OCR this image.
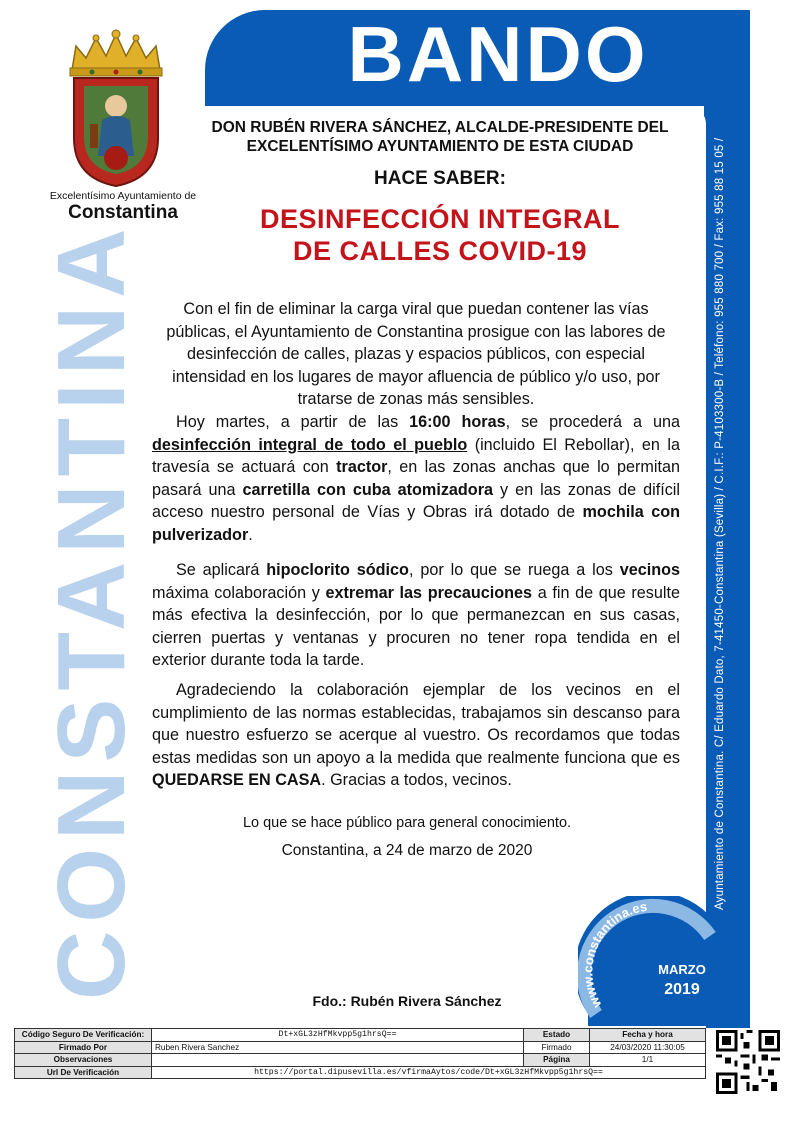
BANDO
Ayuntamiento de Constantina. C/ Eduardo Dato, 7-41450-Constantina (Sevilla) / C.I.F.: P-4103300-B / Teléfono: 955 880 700 / Fax: 955 88 15 05 /
CONSTANTINA
Excelentísimo Ayuntamiento de
Constantina
DON RUBÉN RIVERA SÁNCHEZ, ALCALDE-PRESIDENTE DEL
EXCELENTÍSIMO AYUNTAMIENTO DE ESTA CIUDAD
HACE SABER:
DESINFECCIÓN INTEGRAL
DE CALLES COVID-19

Con el fin de eliminar la carga viral que puedan contener las vías públicas, el Ayuntamiento de Constantina prosigue con las labores de desinfección de calles, plazas y espacios públicos, con especial intensidad en los lugares de mayor afluencia de público y/o uso, por tratarse de zonas más sensibles.

Hoy martes, a partir de las 16:00 horas, se procederá a una desinfección integral de todo el pueblo (incluido El Rebollar), en la travesía se actuará con tractor, en las zonas anchas que lo permitan pasará una carretilla con cuba atomizadora y en las zonas de difícil acceso nuestro personal de Vías y Obras irá dotado de mochila con pulverizador.

Se aplicará hipoclorito sódico, por lo que se ruega a los vecinos máxima colaboración y extremar las precauciones a fin de que resulte más efectiva la desinfección, por lo que permanezcan en sus casas, cierren puertas y ventanas y procuren no tener ropa tendida en el exterior durante toda la tarde.

Agradeciendo la colaboración ejemplar de los vecinos en el cumplimiento de las normas establecidas, trabajamos sin descanso para que nuestro esfuerzo se acerque al vuestro. Os recordamos que todas estas medidas son un apoyo a la medida que realmente funciona que es QUEDARSE EN CASA. Gracias a todos, vecinos.

Lo que se hace público para general conocimiento.
Constantina, a 24 de marzo de 2020
Fdo.: Rubén Rivera Sánchez	www.constantina.es
MARZO
2019
Código Seguro De Verificación:	Dt+xGL3zHfMkvpp5g1hrsQ==	Estado	Fecha y hora
Firmado Por	Ruben Rivera Sanchez	Firmado	24/03/2020 11:30:05
Observaciones		Página	1/1
Url De Verificación	https://portal.dipusevilla.es/vfirmaAytos/code/Dt+xGL3zHfMkvpp5g1hrsQ==		
